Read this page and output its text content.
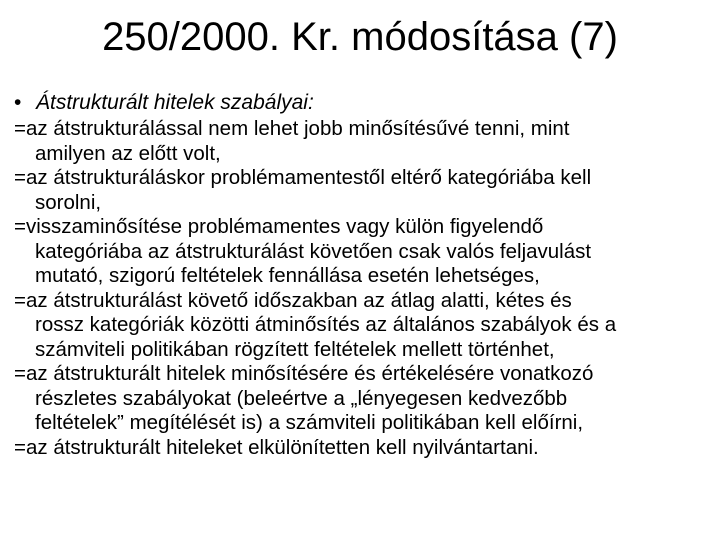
250/2000. Kr. módosítása (7)
• Átstrukturált hitelek szabályai:
=az átstrukturálással nem lehet jobb minősítésűvé tenni, mint
amilyen az előtt volt,
=az átstrukturáláskor problémamentestől eltérő kategóriába kell
sorolni,
=visszaminősítése problémamentes vagy külön figyelendő
kategóriába az átstrukturálást követően csak valós feljavulást
mutató, szigorú feltételek fennállása esetén lehetséges,
=az átstrukturálást követő időszakban az átlag alatti, kétes és
rossz kategóriák közötti átminősítés az általános szabályok és a
számviteli politikában rögzített feltételek mellett történhet,
=az átstrukturált hitelek minősítésére és értékelésére vonatkozó
részletes szabályokat (beleértve a „lényegesen kedvezőbb
feltételek” megítélését is) a számviteli politikában kell előírni,
=az átstrukturált hiteleket elkülönítetten kell nyilvántartani.
